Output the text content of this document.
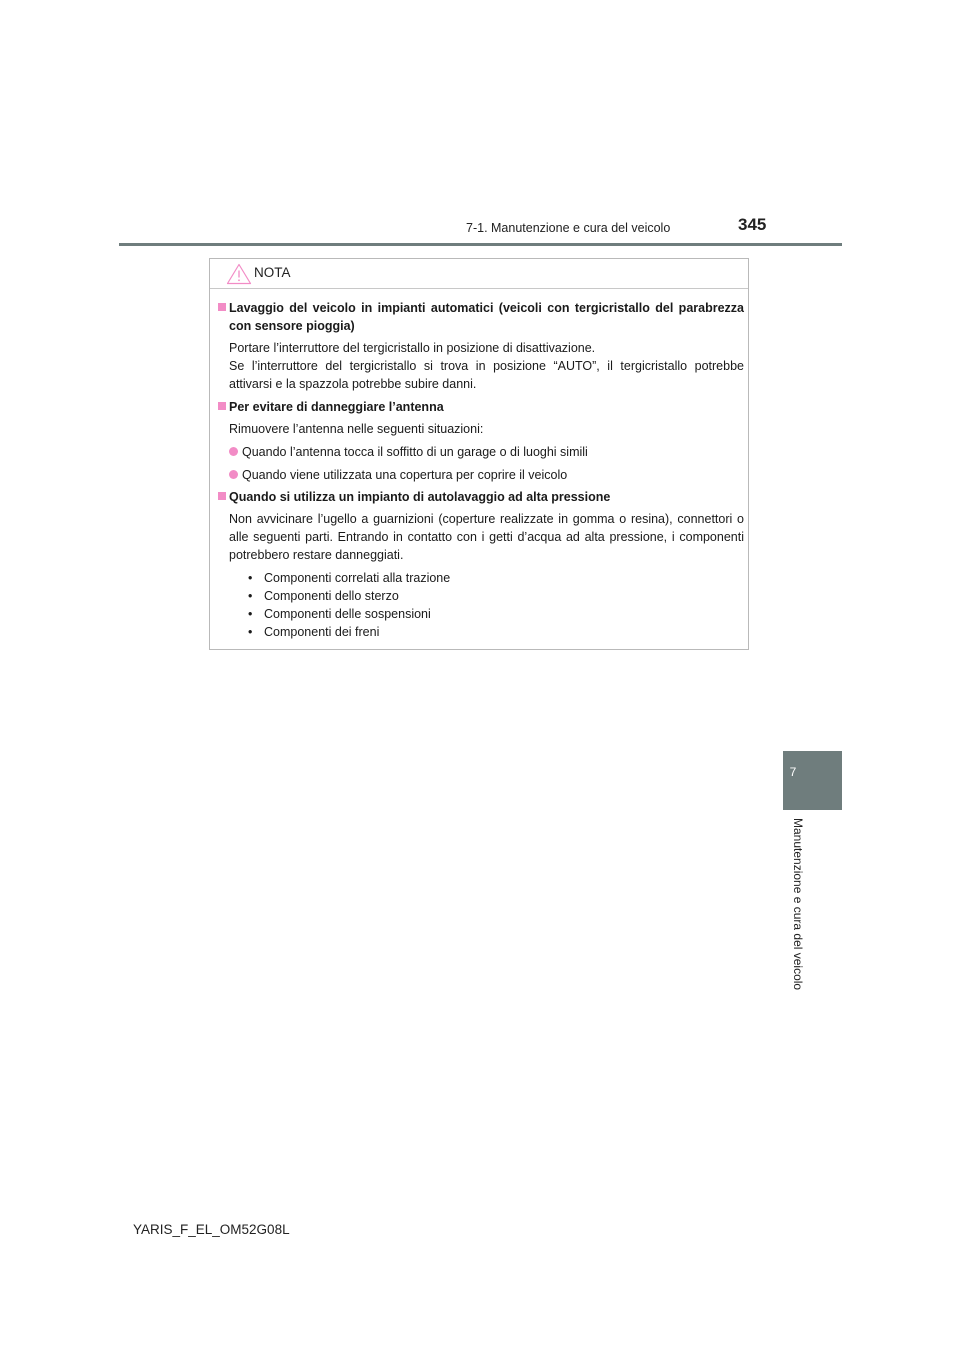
7-1. Manutenzione e cura del veicolo	345
NOTA
Lavaggio del veicolo in impianti automatici (veicoli con tergicristallo del parabrezza con sensore pioggia)
Portare l’interruttore del tergicristallo in posizione di disattivazione.
Se l’interruttore del tergicristallo si trova in posizione “AUTO”, il tergicristallo potrebbe attivarsi e la spazzola potrebbe subire danni.
Per evitare di danneggiare l’antenna
Rimuovere l’antenna nelle seguenti situazioni:
Quando l’antenna tocca il soffitto di un garage o di luoghi simili
Quando viene utilizzata una copertura per coprire il veicolo
Quando si utilizza un impianto di autolavaggio ad alta pressione
Non avvicinare l’ugello a guarnizioni (coperture realizzate in gomma o resina), connettori o alle seguenti parti. Entrando in contatto con i getti d’acqua ad alta pressione, i componenti potrebbero restare danneggiati.
• Componenti correlati alla trazione
• Componenti dello sterzo
• Componenti delle sospensioni
• Componenti dei freni
7
Manutenzione e cura del veicolo
YARIS_F_EL_OM52G08L
